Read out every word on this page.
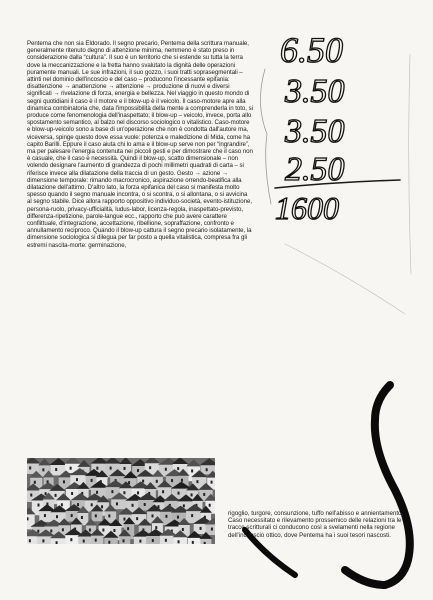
Pentema che non sia Eldorado. Il segno precario, Pentema della scrittura manuale, generalmente ritenuto degno di attenzione minima, nemmeno è stato preso in considerazione dalla “cultura”. Il suo è un territorio che si estende su tutta la terra dove la meccanizzazione e la fretta hanno svalutato la dignità delle operazioni puramente manuali. Le sue infrazioni, il suo gozzo, i suoi tratti soprasegmentali – attinti nel dominio dell'incoscio e del caso – producono l'incessante epifania: disattenzione → anattenzione → attenzione → produzione di nuovi e diversi significati → rivelazione di forza, energia e bellezza. Nel viaggio in questo mondo di segni quotidiani il caso è il motore e il blow-up è il veicolo. Il caso-motore apre alla dinamica combinatoria che, data l'impossibilità della mente a comprenderla in toto, si produce come fenomenologia dell'inaspettato; il blow-up – veicolo, invece, porta allo spostamento semantico, al balzo nel discorso sociologico o vitalistico. Caso-motore e blow-up-veicolo sono a base di un'operazione che non è condotta dall'autore ma, viceversa, spinge questo dove essa vuole: potenza e maledizione di Mida, come ha capito Barilli. Eppure il caso aiuta chi lo ama e il blow-up serve non per “ingrandire”, ma per palesare l'energia contenuta nei piccoli gesti e per dimostrare che il caso non è casuale, che il caso è necessità. Quindi il blow-up, scatto dimensionale – non volendo designare l'aumento di grandezza di pochi millimetri quadrati di carta – si riferisce invece alla dilatazione della traccia di un gesto. Gesto → azione → dimensione temporale: rimando macrocronico, aspirazione orrendo-beatifica alla dilatazione dell'attimo. D'altro lato, la forza epifanica del caso si manifesta molto spesso quando il segno manuale incontra, o si scontra, o si allontana, o si avvicina al segno stabile. Dice allora rapporto oppositivo individuo-società, evento-istituzione, persona-ruolo, privacy-ufficialità, ludus-labor, licenza-regola, inaspettato-previsto, differenza-ripetizione, parole-langue ecc., rapporto che può avere carattere conflittuale, d'integrazione, accettazione, ribellione, sopraffazione, confronto e annullamento reciproco. Quando il blow-up cattura il segno precario isolatamente, la dimensione sociologica si dilegua per far posto a quella vitalistica, compresa fra gli estremi nascita-morte: germinazione,

rigoglio, turgore, consunzione, tuffo nell'abisso e annientamento. Caso necessitato e rilevamento prossemico delle relazioni tra le tracce scritturali ci conducono così a svelamenti nella regione dell'inconscio ottico, dove Pentema ha i suoi tesori nascosti.

6.50
3.50
3.50
2.50
1600
